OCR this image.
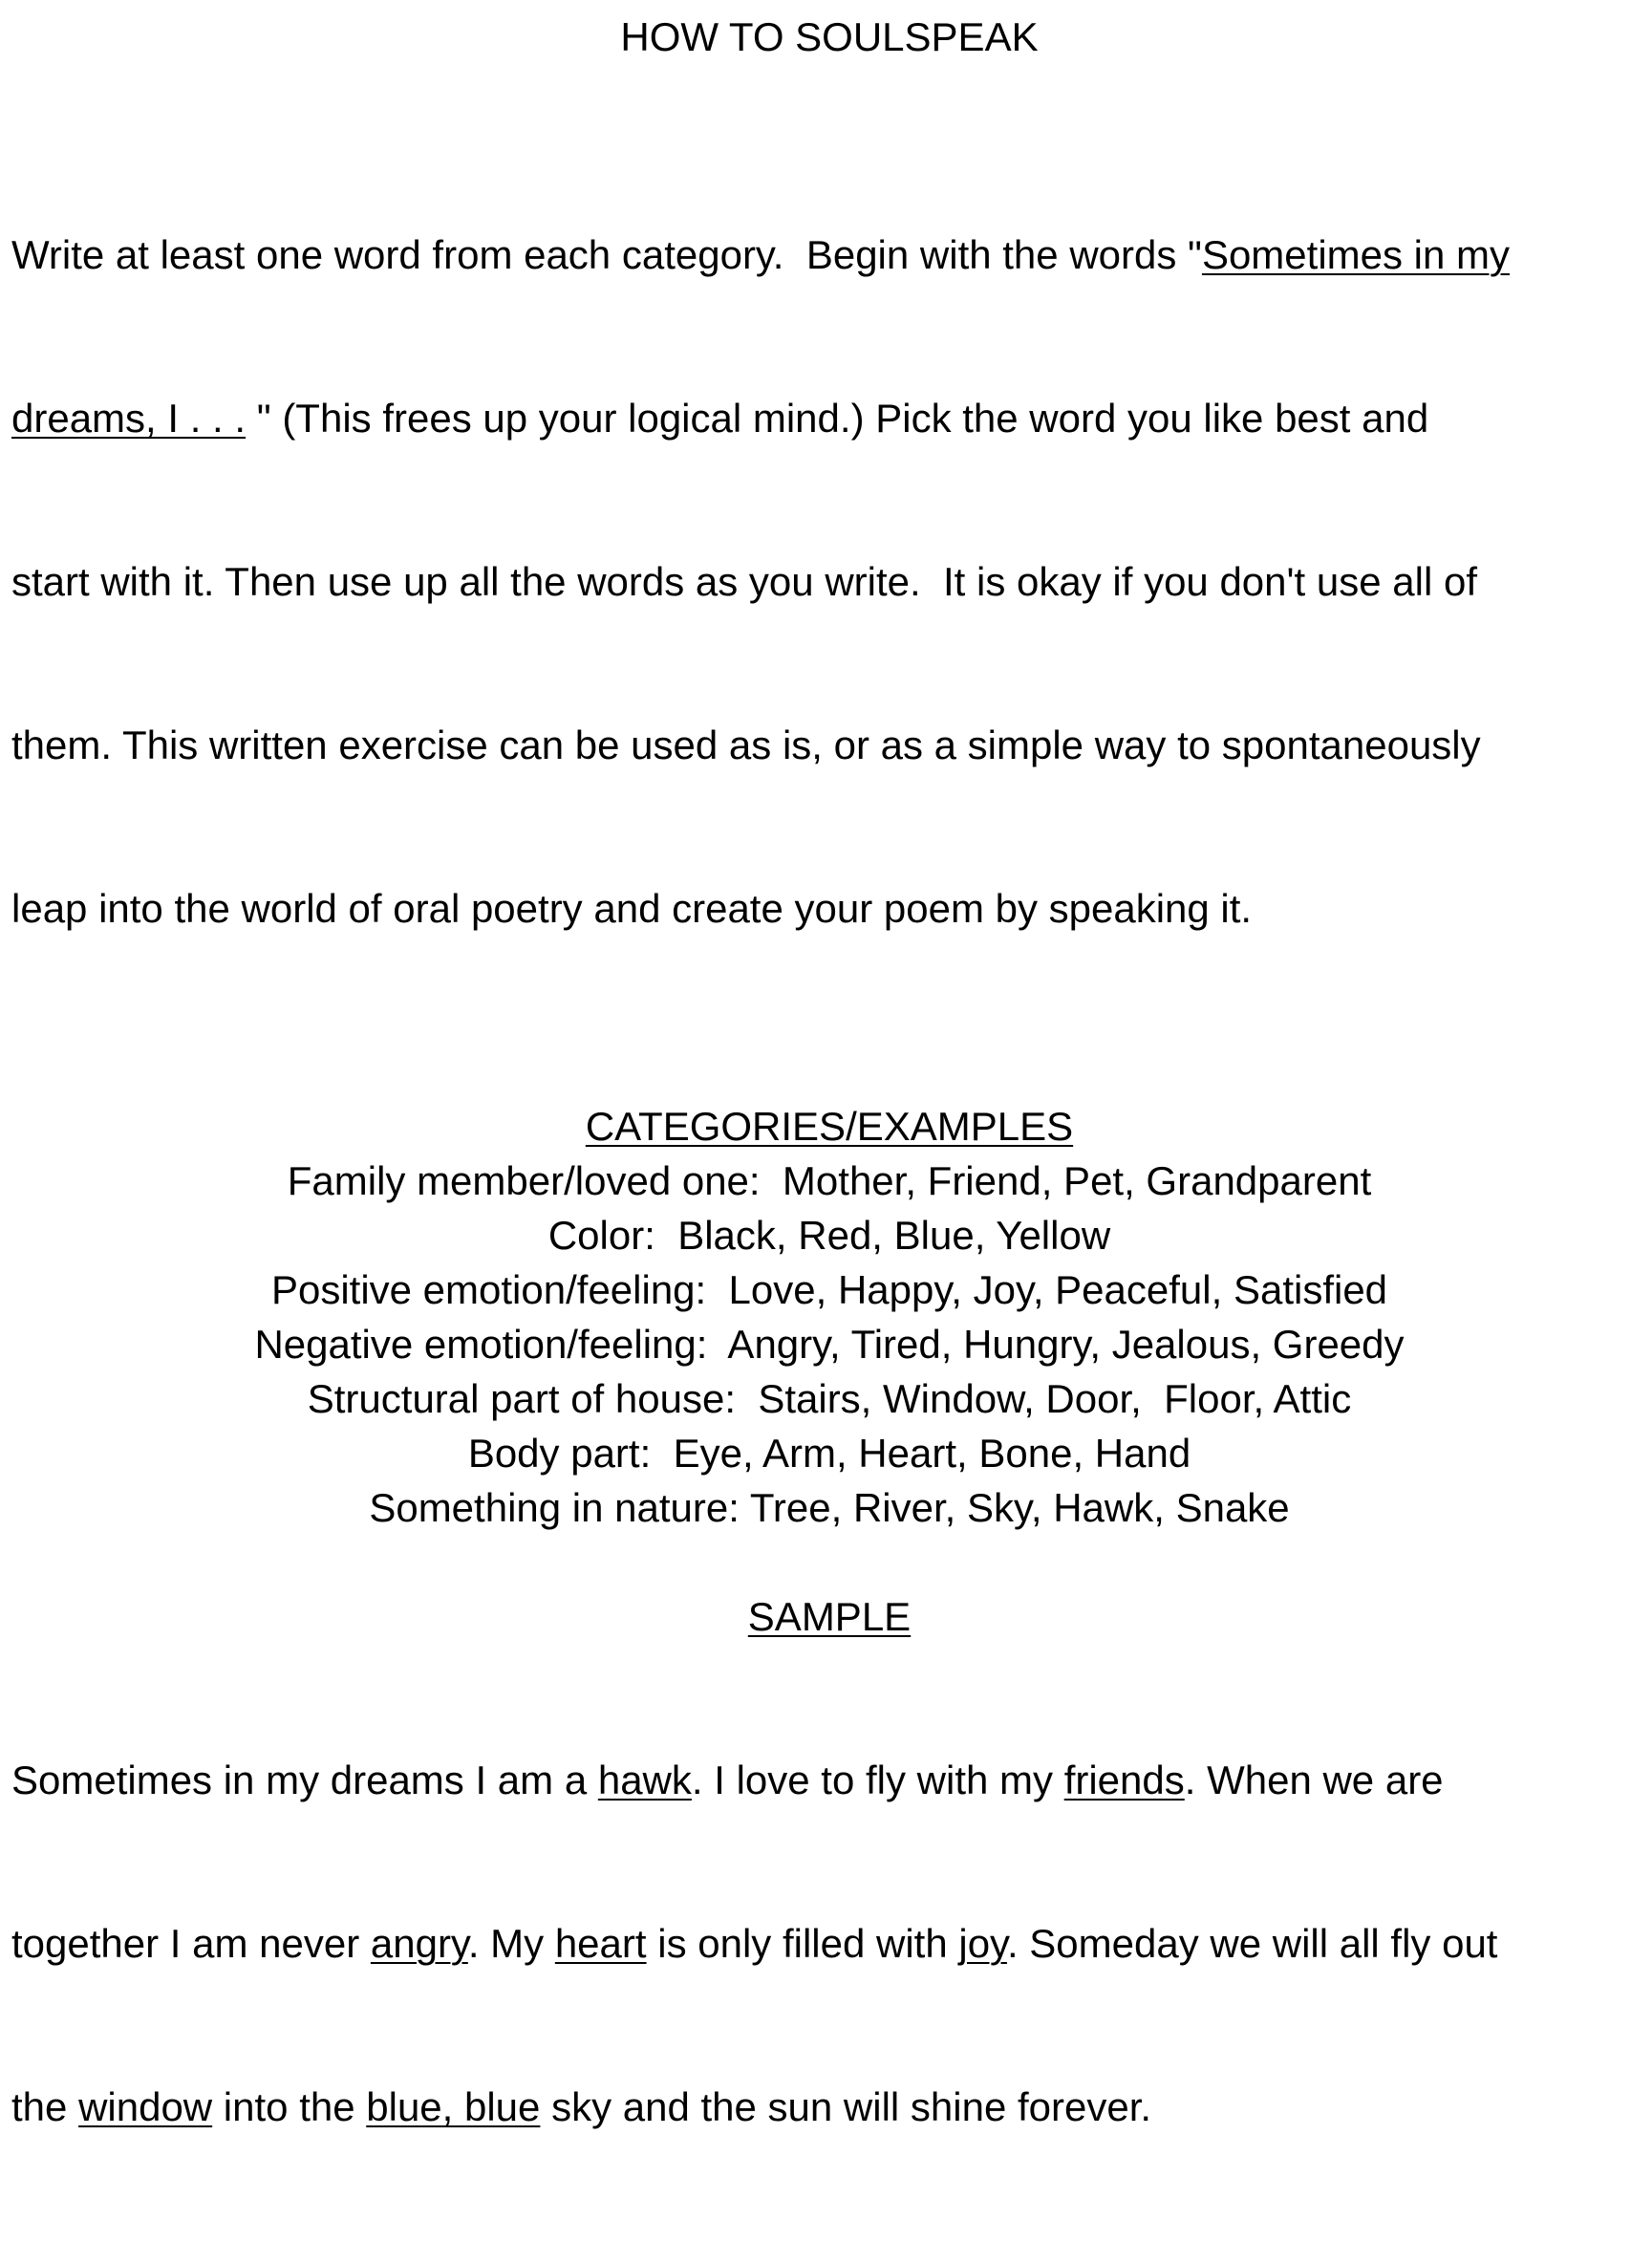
HOW TO SOULSPEAK

Write at least one word from each category.  Begin with the words "Sometimes in my

dreams, I . . . " (This frees up your logical mind.) Pick the word you like best and

start with it. Then use up all the words as you write.  It is okay if you don't use all of

them. This written exercise can be used as is, or as a simple way to spontaneously

leap into the world of oral poetry and create your poem by speaking it.

CATEGORIES/EXAMPLES
Family member/loved one:  Mother, Friend, Pet, Grandparent
Color:  Black, Red, Blue, Yellow
Positive emotion/feeling:  Love, Happy, Joy, Peaceful, Satisfied
Negative emotion/feeling:  Angry, Tired, Hungry, Jealous, Greedy
Structural part of house:  Stairs, Window, Door,  Floor, Attic
Body part:  Eye, Arm, Heart, Bone, Hand
Something in nature: Tree, River, Sky, Hawk, Snake
SAMPLE

Sometimes in my dreams I am a hawk. I love to fly with my friends. When we are

together I am never angry. My heart is only filled with joy. Someday we will all fly out

the window into the blue, blue sky and the sun will shine forever.
